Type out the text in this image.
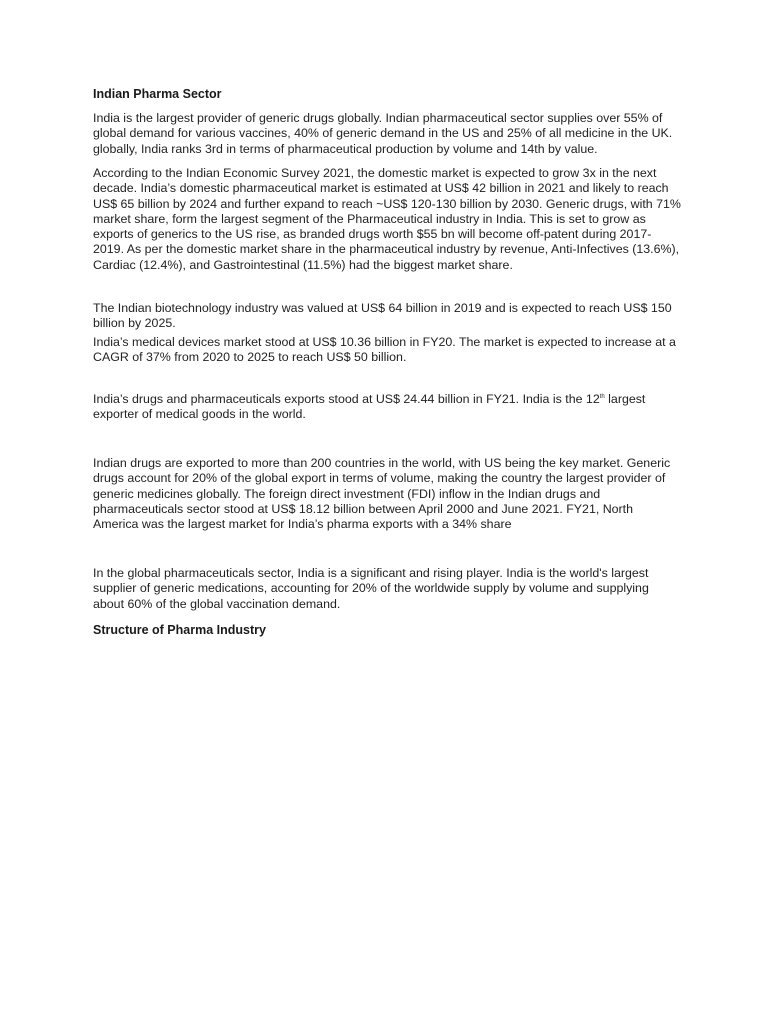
Indian Pharma Sector

India is the largest provider of generic drugs globally. Indian pharmaceutical sector supplies over 55% of global demand for various vaccines, 40% of generic demand in the US and 25% of all medicine in the UK. globally, India ranks 3rd in terms of pharmaceutical production by volume and 14th by value.

According to the Indian Economic Survey 2021, the domestic market is expected to grow 3x in the next decade. India’s domestic pharmaceutical market is estimated at US$ 42 billion in 2021 and likely to reach US$ 65 billion by 2024 and further expand to reach ~US$ 120-130 billion by 2030. Generic drugs, with 71% market share, form the largest segment of the Pharmaceutical industry in India. This is set to grow as exports of generics to the US rise, as branded drugs worth $55 bn will become off-patent during 2017-2019. As per the domestic market share in the pharmaceutical industry by revenue, Anti-Infectives (13.6%), Cardiac (12.4%), and Gastrointestinal (11.5%) had the biggest market share.

The Indian biotechnology industry was valued at US$ 64 billion in 2019 and is expected to reach US$ 150 billion by 2025.

India’s medical devices market stood at US$ 10.36 billion in FY20. The market is expected to increase at a CAGR of 37% from 2020 to 2025 to reach US$ 50 billion.

India’s drugs and pharmaceuticals exports stood at US$ 24.44 billion in FY21. India is the 12th largest exporter of medical goods in the world.

Indian drugs are exported to more than 200 countries in the world, with US being the key market. Generic drugs account for 20% of the global export in terms of volume, making the country the largest provider of generic medicines globally. The foreign direct investment (FDI) inflow in the Indian drugs and pharmaceuticals sector stood at US$ 18.12 billion between April 2000 and June 2021. FY21, North America was the largest market for India’s pharma exports with a 34% share

In the global pharmaceuticals sector, India is a significant and rising player. India is the world's largest supplier of generic medications, accounting for 20% of the worldwide supply by volume and supplying about 60% of the global vaccination demand.

Structure of Pharma Industry
